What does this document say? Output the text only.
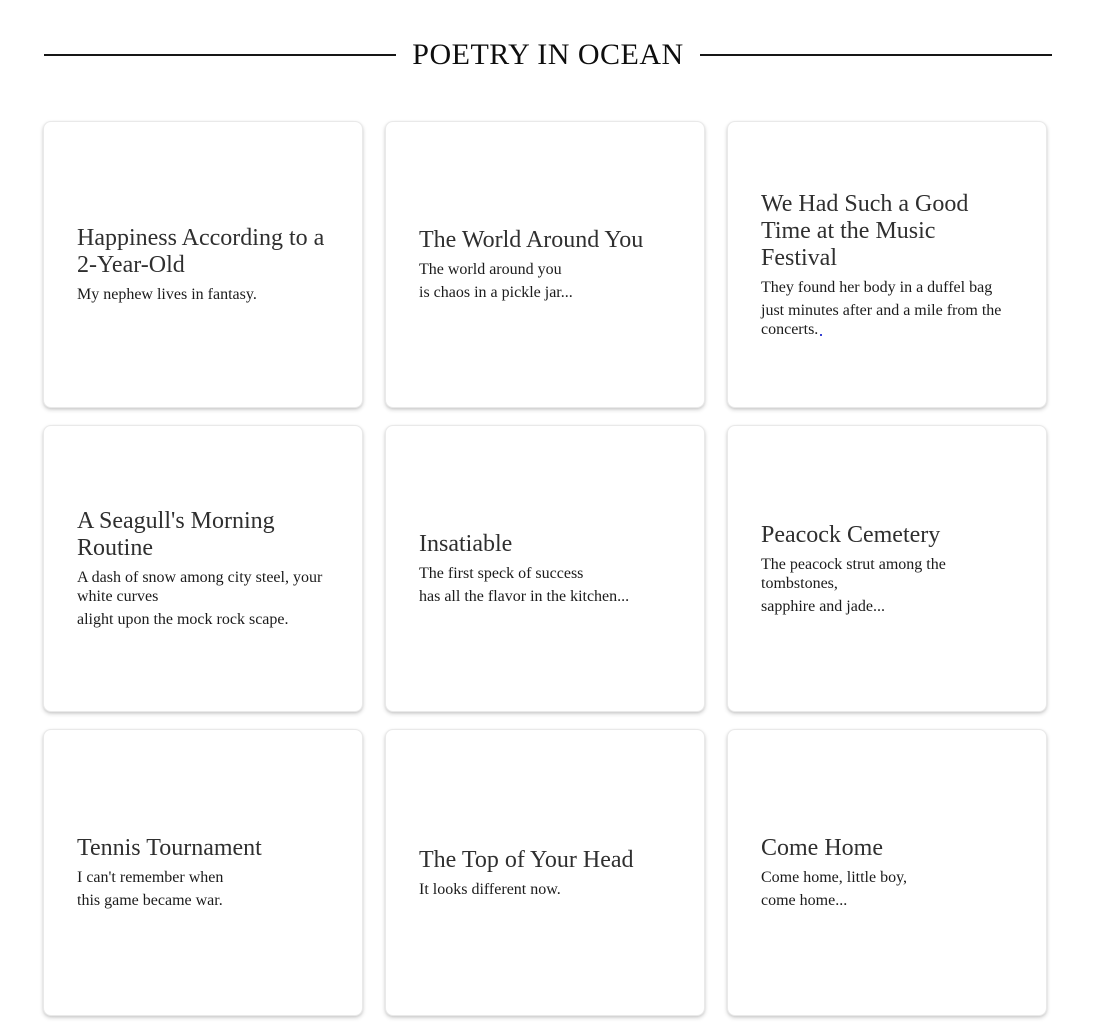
POETRY IN OCEAN
Happiness According to a 2-Year-Old

My nephew lives in fantasy.

The World Around You

The world around you

is chaos in a pickle jar...

We Had Such a Good Time at the Music Festival

They found her body in a duffel bag

just minutes after and a mile from the concerts.

A Seagull's Morning Routine

A dash of snow among city steel, your white curves

alight upon the mock rock scape.

Insatiable

The first speck of success

has all the flavor in the kitchen...

Peacock Cemetery

The peacock strut among the tombstones,

sapphire and jade...

Tennis Tournament

I can't remember when

this game became war.

The Top of Your Head

It looks different now.

Come Home

Come home, little boy,

come home...
